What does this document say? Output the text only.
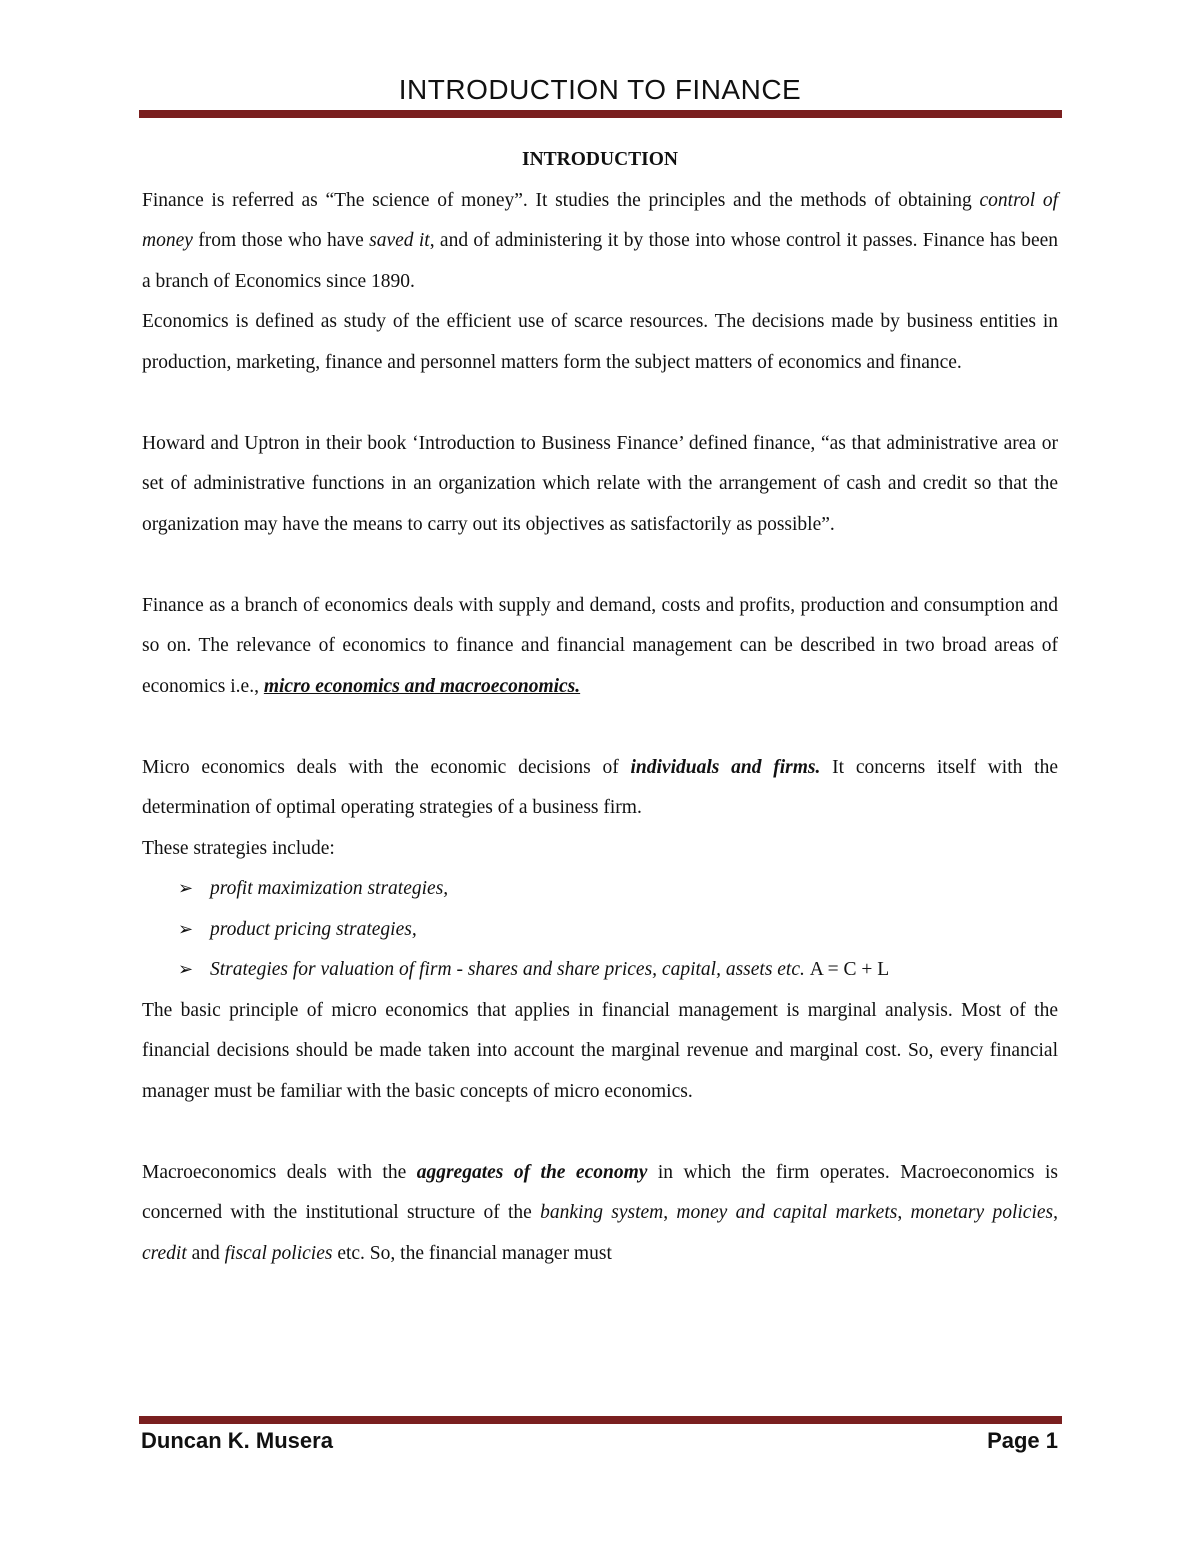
INTRODUCTION TO FINANCE

INTRODUCTION

Finance is referred as “The science of money”. It studies the principles and the methods of obtaining control of money from those who have saved it, and of administering it by those into whose control it passes. Finance has been a branch of Economics since 1890.

Economics is defined as study of the efficient use of scarce resources. The decisions made by business entities in production, marketing, finance and personnel matters form the subject matters of economics and finance.

Howard and Uptron in their book ‘Introduction to Business Finance’ defined finance, “as that administrative area or set of administrative functions in an organization which relate with the arrangement of cash and credit so that the organization may have the means to carry out its objectives as satisfactorily as possible”.

Finance as a branch of economics deals with supply and demand, costs and profits, production and consumption and so on. The relevance of economics to finance and financial management can be described in two broad areas of economics i.e., micro economics and macroeconomics.

Micro economics deals with the economic decisions of individuals and firms. It concerns itself with the determination of optimal operating strategies of a business firm.

These strategies include:

➢ profit maximization strategies,
➢ product pricing strategies,
➢ Strategies for valuation of firm - shares and share prices, capital, assets etc. A = C + L

The basic principle of micro economics that applies in financial management is marginal analysis. Most of the financial decisions should be made taken into account the marginal revenue and marginal cost. So, every financial manager must be familiar with the basic concepts of micro economics.

Macroeconomics deals with the aggregates of the economy in which the firm operates. Macroeconomics is concerned with the institutional structure of the banking system, money and capital markets, monetary policies, credit and fiscal policies etc. So, the financial manager must

Duncan K. Musera	Page 1
